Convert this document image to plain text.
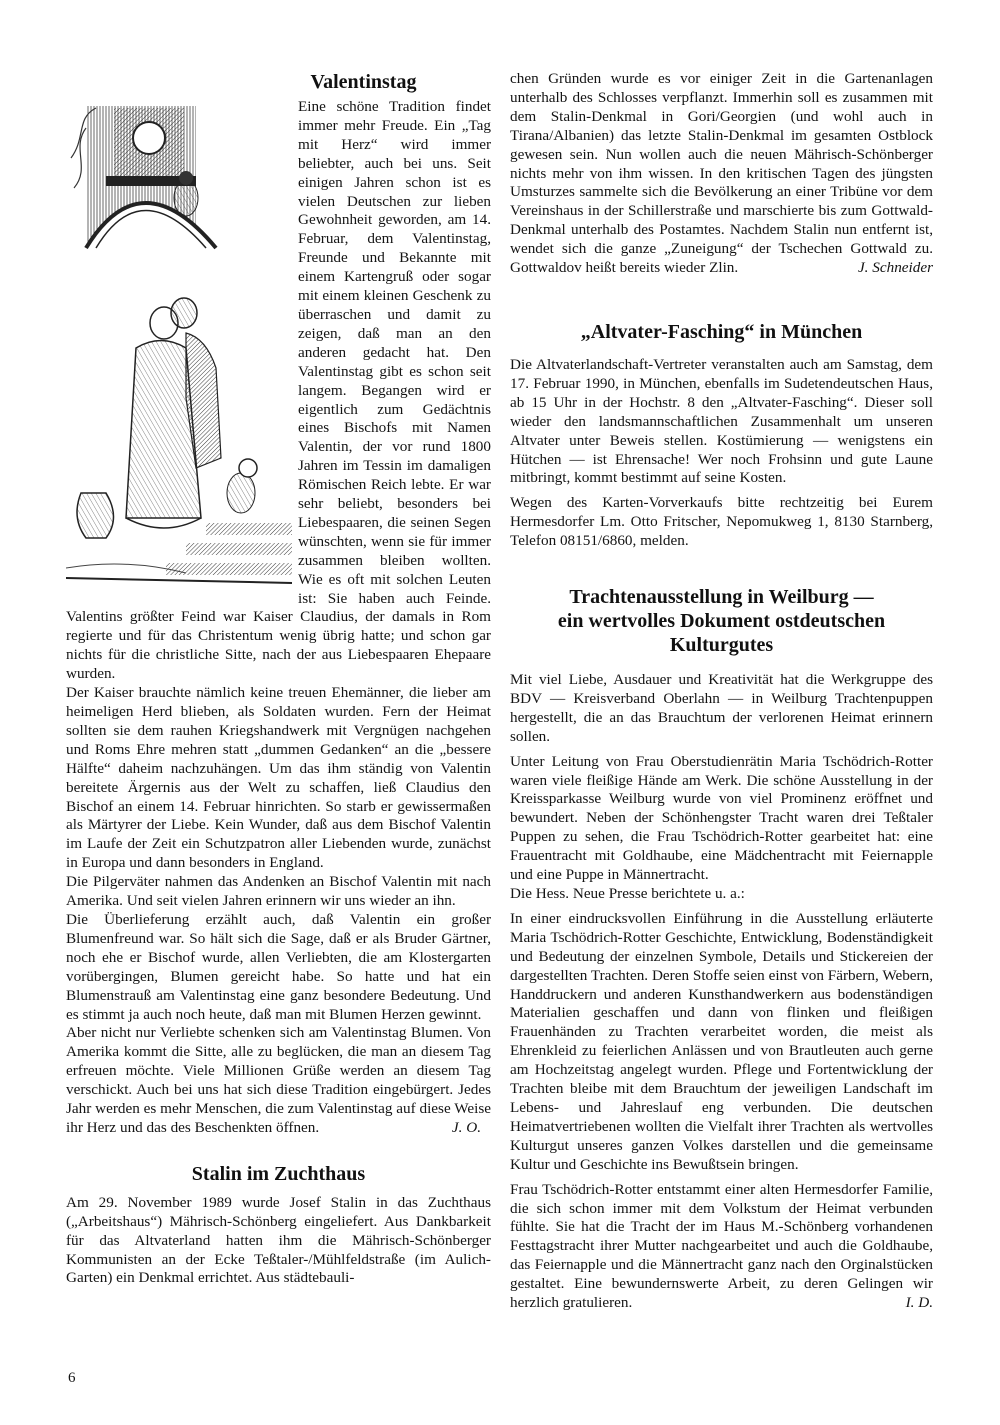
Valentinstag

Eine schöne Tradition findet immer mehr Freude. Ein „Tag mit Herz“ wird immer beliebter, auch bei uns. Seit einigen Jahren schon ist es vielen Deutschen zur lieben Gewohnheit geworden, am 14. Februar, dem Valentinstag, Freunde und Bekannte mit einem Kartengruß oder sogar mit einem kleinen Geschenk zu überraschen und damit zu zeigen, daß man an den anderen gedacht hat. Den Valentinstag gibt es schon seit langem. Begangen wird er eigentlich zum Gedächtnis eines Bischofs mit Namen Valentin, der vor rund 1800 Jahren im Tessin im damaligen Römischen Reich lebte. Er war sehr beliebt, besonders bei Liebespaaren, die seinen Segen wünschten, wenn sie für immer zusammen bleiben wollten. Wie es oft mit solchen Leuten ist: Sie haben auch Feinde. Valentins größter Feind war Kaiser Claudius, der damals in Rom regierte und für das Christentum wenig übrig hatte; und schon gar nichts für die christliche Sitte, nach der aus Liebespaaren Ehepaare wurden.

Der Kaiser brauchte nämlich keine treuen Ehemänner, die lieber am heimeligen Herd blieben, als Soldaten wurden. Fern der Heimat sollten sie dem rauhen Kriegshandwerk mit Vergnügen nachgehen und Roms Ehre mehren statt „dummen Gedanken“ an die „bessere Hälfte“ daheim nachzuhängen. Um das ihm ständig von Valentin bereitete Ärgernis aus der Welt zu schaffen, ließ Claudius den Bischof an einem 14. Februar hinrichten. So starb er gewissermaßen als Märtyrer der Liebe. Kein Wunder, daß aus dem Bischof Valentin im Laufe der Zeit ein Schutzpatron aller Liebenden wurde, zunächst in Europa und dann besonders in England.

Die Pilgerväter nahmen das Andenken an Bischof Valentin mit nach Amerika. Und seit vielen Jahren erinnern wir uns wieder an ihn.

Die Überlieferung erzählt auch, daß Valentin ein großer Blumenfreund war. So hält sich die Sage, daß er als Bruder Gärtner, noch ehe er Bischof wurde, allen Verliebten, die am Klostergarten vorübergingen, Blumen gereicht habe. So hatte und hat ein Blumenstrauß am Valentinstag eine ganz besondere Bedeutung. Und es stimmt ja auch noch heute, daß man mit Blumen Herzen gewinnt.

Aber nicht nur Verliebte schenken sich am Valentinstag Blumen. Von Amerika kommt die Sitte, alle zu beglücken, die man an diesem Tag erfreuen möchte. Viele Millionen Grüße werden an diesem Tag verschickt. Auch bei uns hat sich diese Tradition eingebürgert. Jedes Jahr werden es mehr Menschen, die zum Valentinstag auf diese Weise ihr Herz und das des Beschenkten öffnen.	J. O.

Stalin im Zuchthaus

Am 29. November 1989 wurde Josef Stalin in das Zuchthaus („Arbeitshaus“) Mährisch-Schönberg eingeliefert. Aus Dankbarkeit für das Altvaterland hatten ihm die Mährisch-Schönberger Kommunisten an der Ecke Teßtaler-/Mühlfeldstraße (im Aulich-Garten) ein Denkmal errichtet. Aus städtebauli-

chen Gründen wurde es vor einiger Zeit in die Gartenanlagen unterhalb des Schlosses verpflanzt. Immerhin soll es zusammen mit dem Stalin-Denkmal in Gori/Georgien (und wohl auch in Tirana/Albanien) das letzte Stalin-Denkmal im gesamten Ostblock gewesen sein. Nun wollen auch die neuen Mährisch-Schönberger nichts mehr von ihm wissen. In den kritischen Tagen des jüngsten Umsturzes sammelte sich die Bevölkerung an einer Tribüne vor dem Vereinshaus in der Schillerstraße und marschierte bis zum Gottwald-Denkmal unterhalb des Postamtes. Nachdem Stalin nun entfernt ist, wendet sich die ganze „Zuneigung“ der Tschechen Gottwald zu. Gottwaldov heißt bereits wieder Zlin.	J. Schneider

„Altvater-Fasching“ in München

Die Altvaterlandschaft-Vertreter veranstalten auch am Samstag, dem 17. Februar 1990, in München, ebenfalls im Sudetendeutschen Haus, ab 15 Uhr in der Hochstr. 8 den „Altvater-Fasching“. Dieser soll wieder den landsmannschaftlichen Zusammenhalt um unseren Altvater unter Beweis stellen. Kostümierung — wenigstens ein Hütchen — ist Ehrensache! Wer noch Frohsinn und gute Laune mitbringt, kommt bestimmt auf seine Kosten.

Wegen des Karten-Vorverkaufs bitte rechtzeitig bei Eurem Hermesdorfer Lm. Otto Fritscher, Nepomukweg 1, 8130 Starnberg, Telefon 08151/6860, melden.

Trachtenausstellung in Weilburg —
ein wertvolles Dokument ostdeutschen
Kulturgutes

Mit viel Liebe, Ausdauer und Kreativität hat die Werkgruppe des BDV — Kreisverband Oberlahn — in Weilburg Trachtenpuppen hergestellt, die an das Brauchtum der verlorenen Heimat erinnern sollen.

Unter Leitung von Frau Oberstudienrätin Maria Tschödrich-Rotter waren viele fleißige Hände am Werk. Die schöne Ausstellung in der Kreissparkasse Weilburg wurde von viel Prominenz eröffnet und bewundert. Neben der Schönhengster Tracht waren drei Teßtaler Puppen zu sehen, die Frau Tschödrich-Rotter gearbeitet hat: eine Frauentracht mit Goldhaube, eine Mädchentracht mit Feiernapple und eine Puppe in Männertracht.

Die Hess. Neue Presse berichtete u. a.:

In einer eindrucksvollen Einführung in die Ausstellung erläuterte Maria Tschödrich-Rotter Geschichte, Entwicklung, Bodenständigkeit und Bedeutung der einzelnen Symbole, Details und Stickereien der dargestellten Trachten. Deren Stoffe seien einst von Färbern, Webern, Handdruckern und anderen Kunsthandwerkern aus bodenständigen Materialien geschaffen und dann von flinken und fleißigen Frauenhänden zu Trachten verarbeitet worden, die meist als Ehrenkleid zu feierlichen Anlässen und von Brautleuten auch gerne am Hochzeitstag angelegt wurden. Pflege und Fortentwicklung der Trachten bleibe mit dem Brauchtum der jeweiligen Landschaft im Lebens- und Jahreslauf eng verbunden. Die deutschen Heimatvertriebenen wollten die Vielfalt ihrer Trachten als wertvolles Kulturgut unseres ganzen Volkes darstellen und die gemeinsame Kultur und Geschichte ins Bewußtsein bringen.

Frau Tschödrich-Rotter entstammt einer alten Hermesdorfer Familie, die sich schon immer mit dem Volkstum der Heimat verbunden fühlte. Sie hat die Tracht der im Haus M.-Schönberg vorhandenen Festtagstracht ihrer Mutter nachgearbeitet und auch die Goldhaube, das Feiernapple und die Männertracht ganz nach den Orginalstücken gestaltet. Eine bewundernswerte Arbeit, zu deren Gelingen wir herzlich gratulieren.	I. D.

6
